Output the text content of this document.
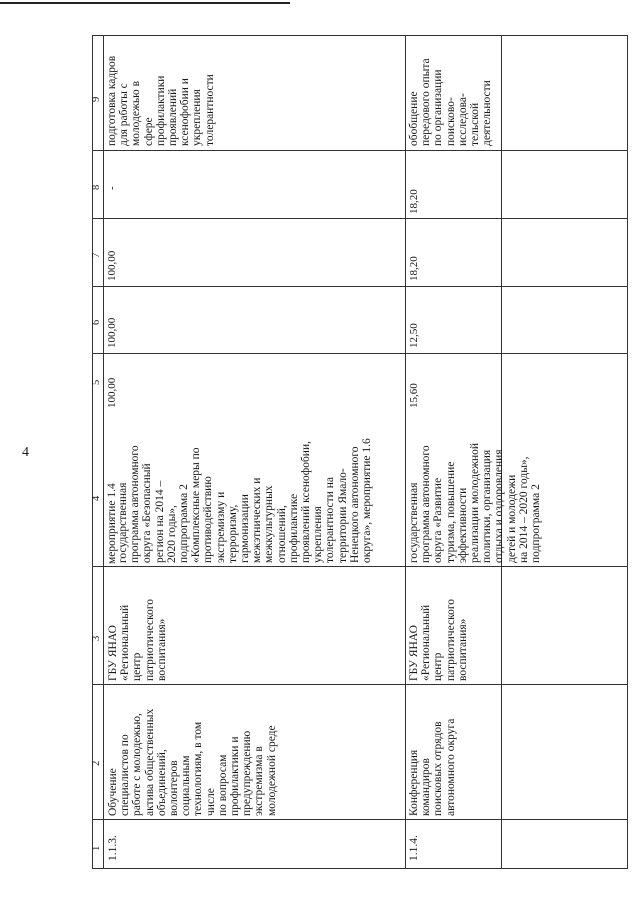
4
9
8
7
6
5
4
3
2
1
мероприятие 1.4
1.1.3.
Обучение
специалистов по
работе с молодежью,
актива общественных
объединений,
волонтеров
социальным
технологиям, в том
числе
по вопросам
профилактики и
предупреждению
экстремизма в
молодежной среде
ГБУ ЯНАО
«Региональный
центр
патриотического
воспитания»
государственная
программа автономного
округа «Безопасный
регион на 2014 –
2020 годы»,
подпрограмма 2
«Комплексные меры по
противодействию
экстремизму и
терроризму,
гармонизации
межэтнических и
межкультурных
отношений,
профилактике
проявлений ксенофобии,
укрепления
толерантности на
территории Ямало-
Ненецкого автономного
округа», мероприятие 1.6
100,00
100,00
100,00
-
подготовка кадров
для работы с
молодежью в
сфере
профилактики
проявлений
ксенофобии и
укрепления
толерантности
1.1.4.
Конференция
командиров
поисковых отрядов
автономного округа
ГБУ ЯНАО
«Региональный
центр
патриотического
воспитания»
государственная
программа автономного
округа «Развитие
туризма, повышение
эффективности
реализации молодежной
политики, организация
отдыха и оздоровления
детей и молодежи
на 2014 – 2020 годы»,
подпрограмма 2
15,60
12,50
18,20
18,20
обобщение
передового опыта
по организации
поисково-
исследова-
тельской
деятельности
